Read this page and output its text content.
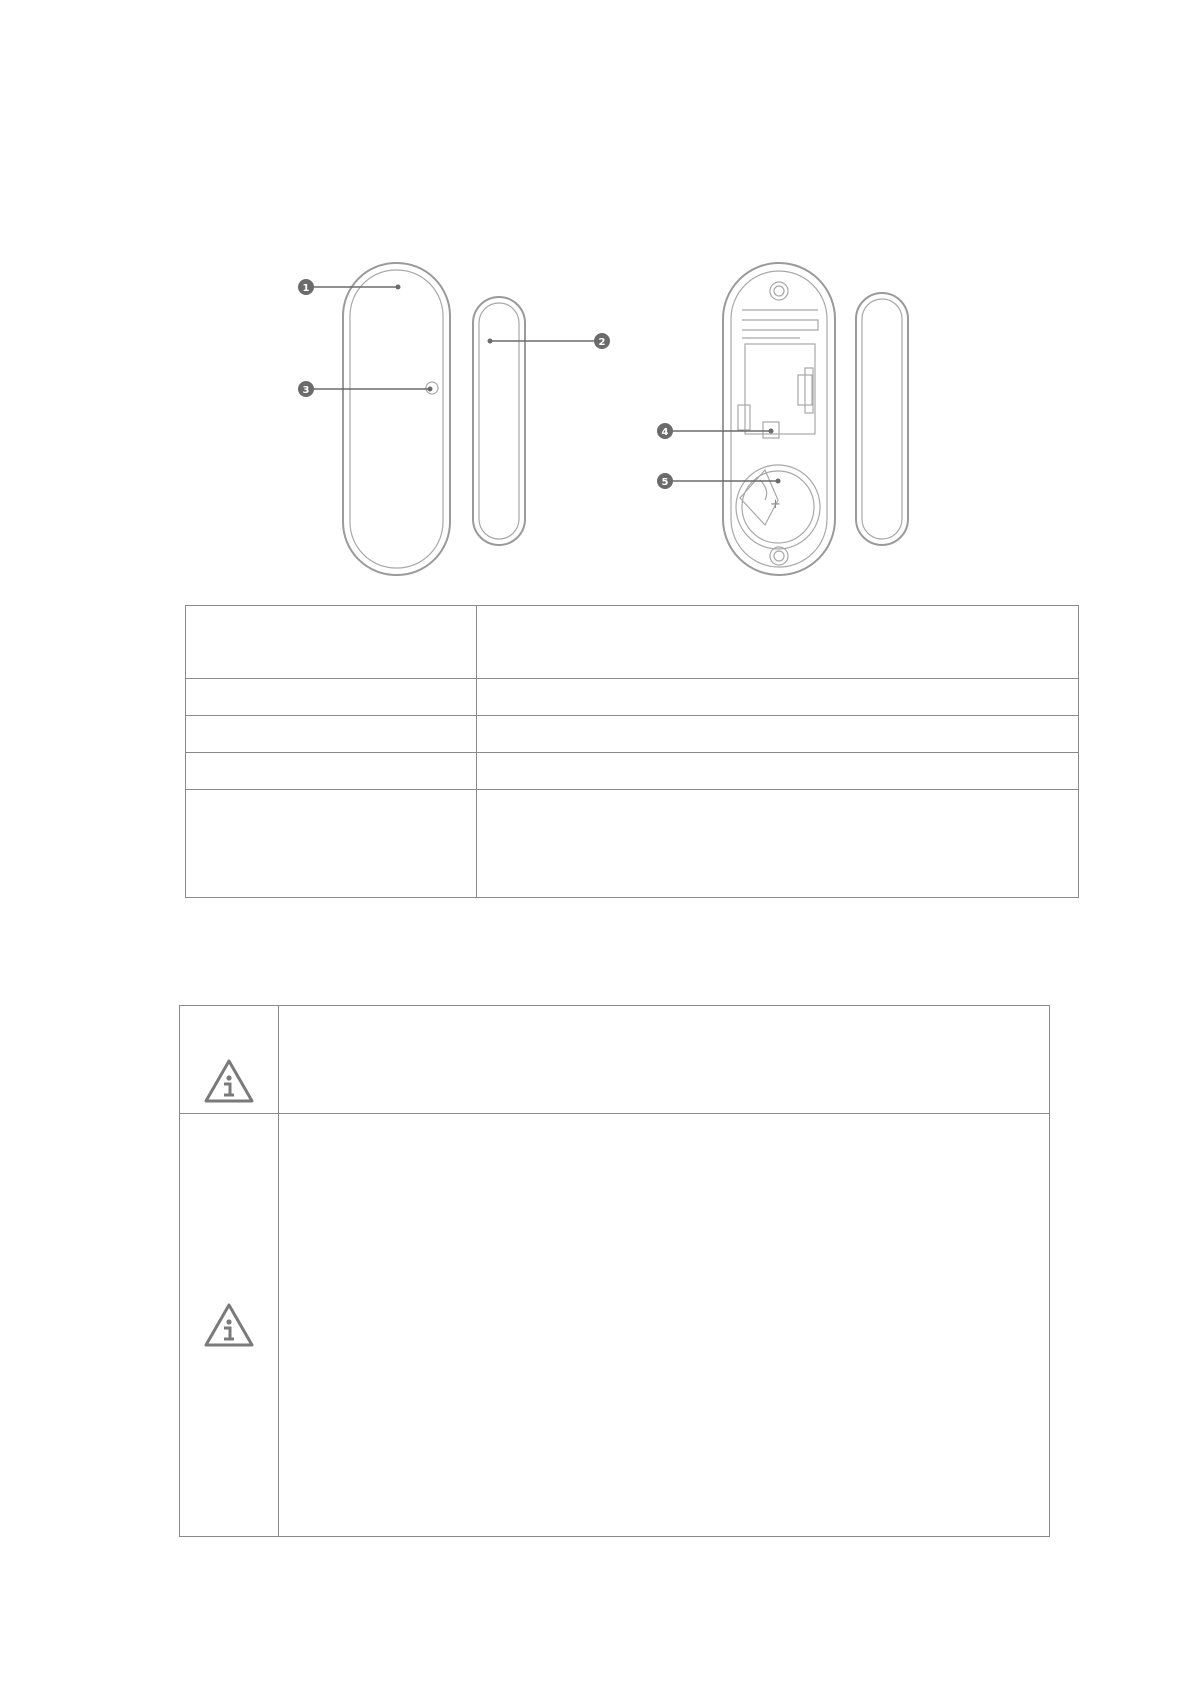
+
1
2
3
4
5
